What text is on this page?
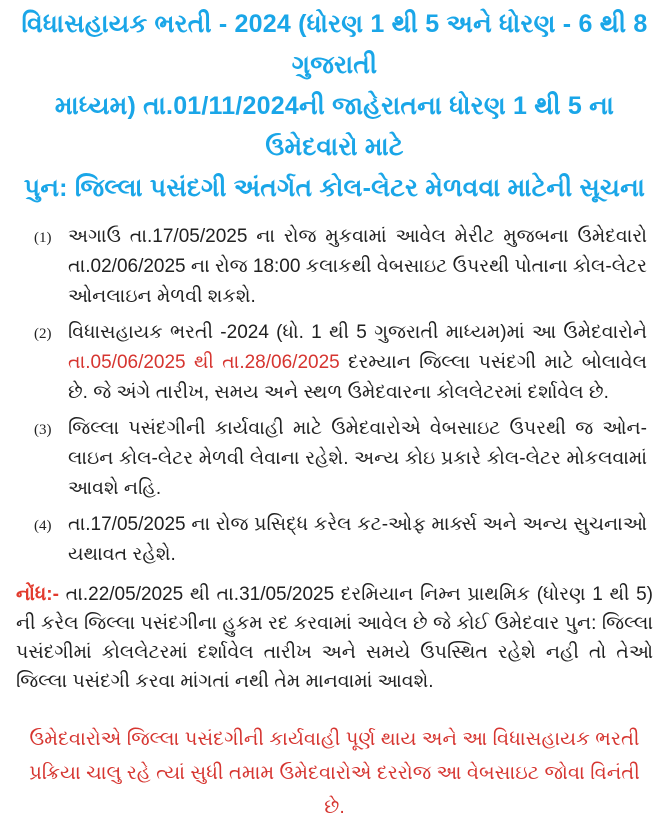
વિધાસહાયક ભરતી - 2024 (ધોરણ 1 થી 5 અને ધોરણ - 6 થી 8 ગુજરાતી
માધ્યમ) તા.01/11/2024ની જાહેરાતના ધોરણ 1 થી 5 ના ઉમેદવારો માટે
પુન: જિલ્લા પસંદગી અંતર્ગત કોલ-લેટર મેળવવા માટેની સૂચના
(1) અગાઉ તા.17/05/2025 ના રોજ મુકવામાં આવેલ મેરીટ મુજબના ઉમેદવારો તા.02/06/2025 ના રોજ 18:00 કલાકથી વેબસાઇટ ઉપરથી પોતાના કોલ-લેટર ઓનલાઇન મેળવી શકશે.

(2) વિધાસહાયક ભરતી -2024 (ધો. 1 થી 5 ગુજરાતી માધ્યમ)માં આ ઉમેદવારોને તા.05/06/2025 થી તા.28/06/2025 દરમ્યાન જિલ્લા પસંદગી માટે બોલાવેલ છે. જે અંગે તારીખ, સમય અને સ્થળ ઉમેદવારના કોલલેટરમાં દર્શાવેલ છે.

(3) જિલ્લા પસંદગીની કાર્યવાહી માટે ઉમેદવારોએ વેબસાઇટ ઉપરથી જ ઓન-લાઇન કોલ-લેટર મેળવી લેવાના રહેશે. અન્ય કોઇ પ્રકારે કોલ-લેટર મોકલવામાં આવશે નહિ.

(4) તા.17/05/2025 ના રોજ પ્રસિદ્ધ કરેલ કટ-ઓફ માર્ક્સ અને અન્ય સુચનાઓ યથાવત રહેશે.

નોંધ:- તા.22/05/2025 થી તા.31/05/2025 દરમિયાન નિમ્ન પ્રાથમિક (ધોરણ 1 થી 5) ની કરેલ જિલ્લા પસંદગીના હુકમ રદ કરવામાં આવેલ છે જે કોઈ ઉમેદવાર પુન: જિલ્લા પસંદગીમાં કોલલેટરમાં દર્શાવેલ તારીખ અને સમયે ઉપસ્થિત રહેશે નહી તો તેઓ જિલ્લા પસંદગી કરવા માંગતાં નથી તેમ માનવામાં આવશે.

ઉમેદવારોએ જિલ્લા પસંદગીની કાર્યવાહી પૂર્ણ થાય અને આ વિધાસહાયક ભરતી પ્રક્રિયા ચાલુ રહે ત્યાં સુધી તમામ ઉમેદવારોએ દરરોજ આ વેબસાઇટ જોવા વિનંતી છે.
